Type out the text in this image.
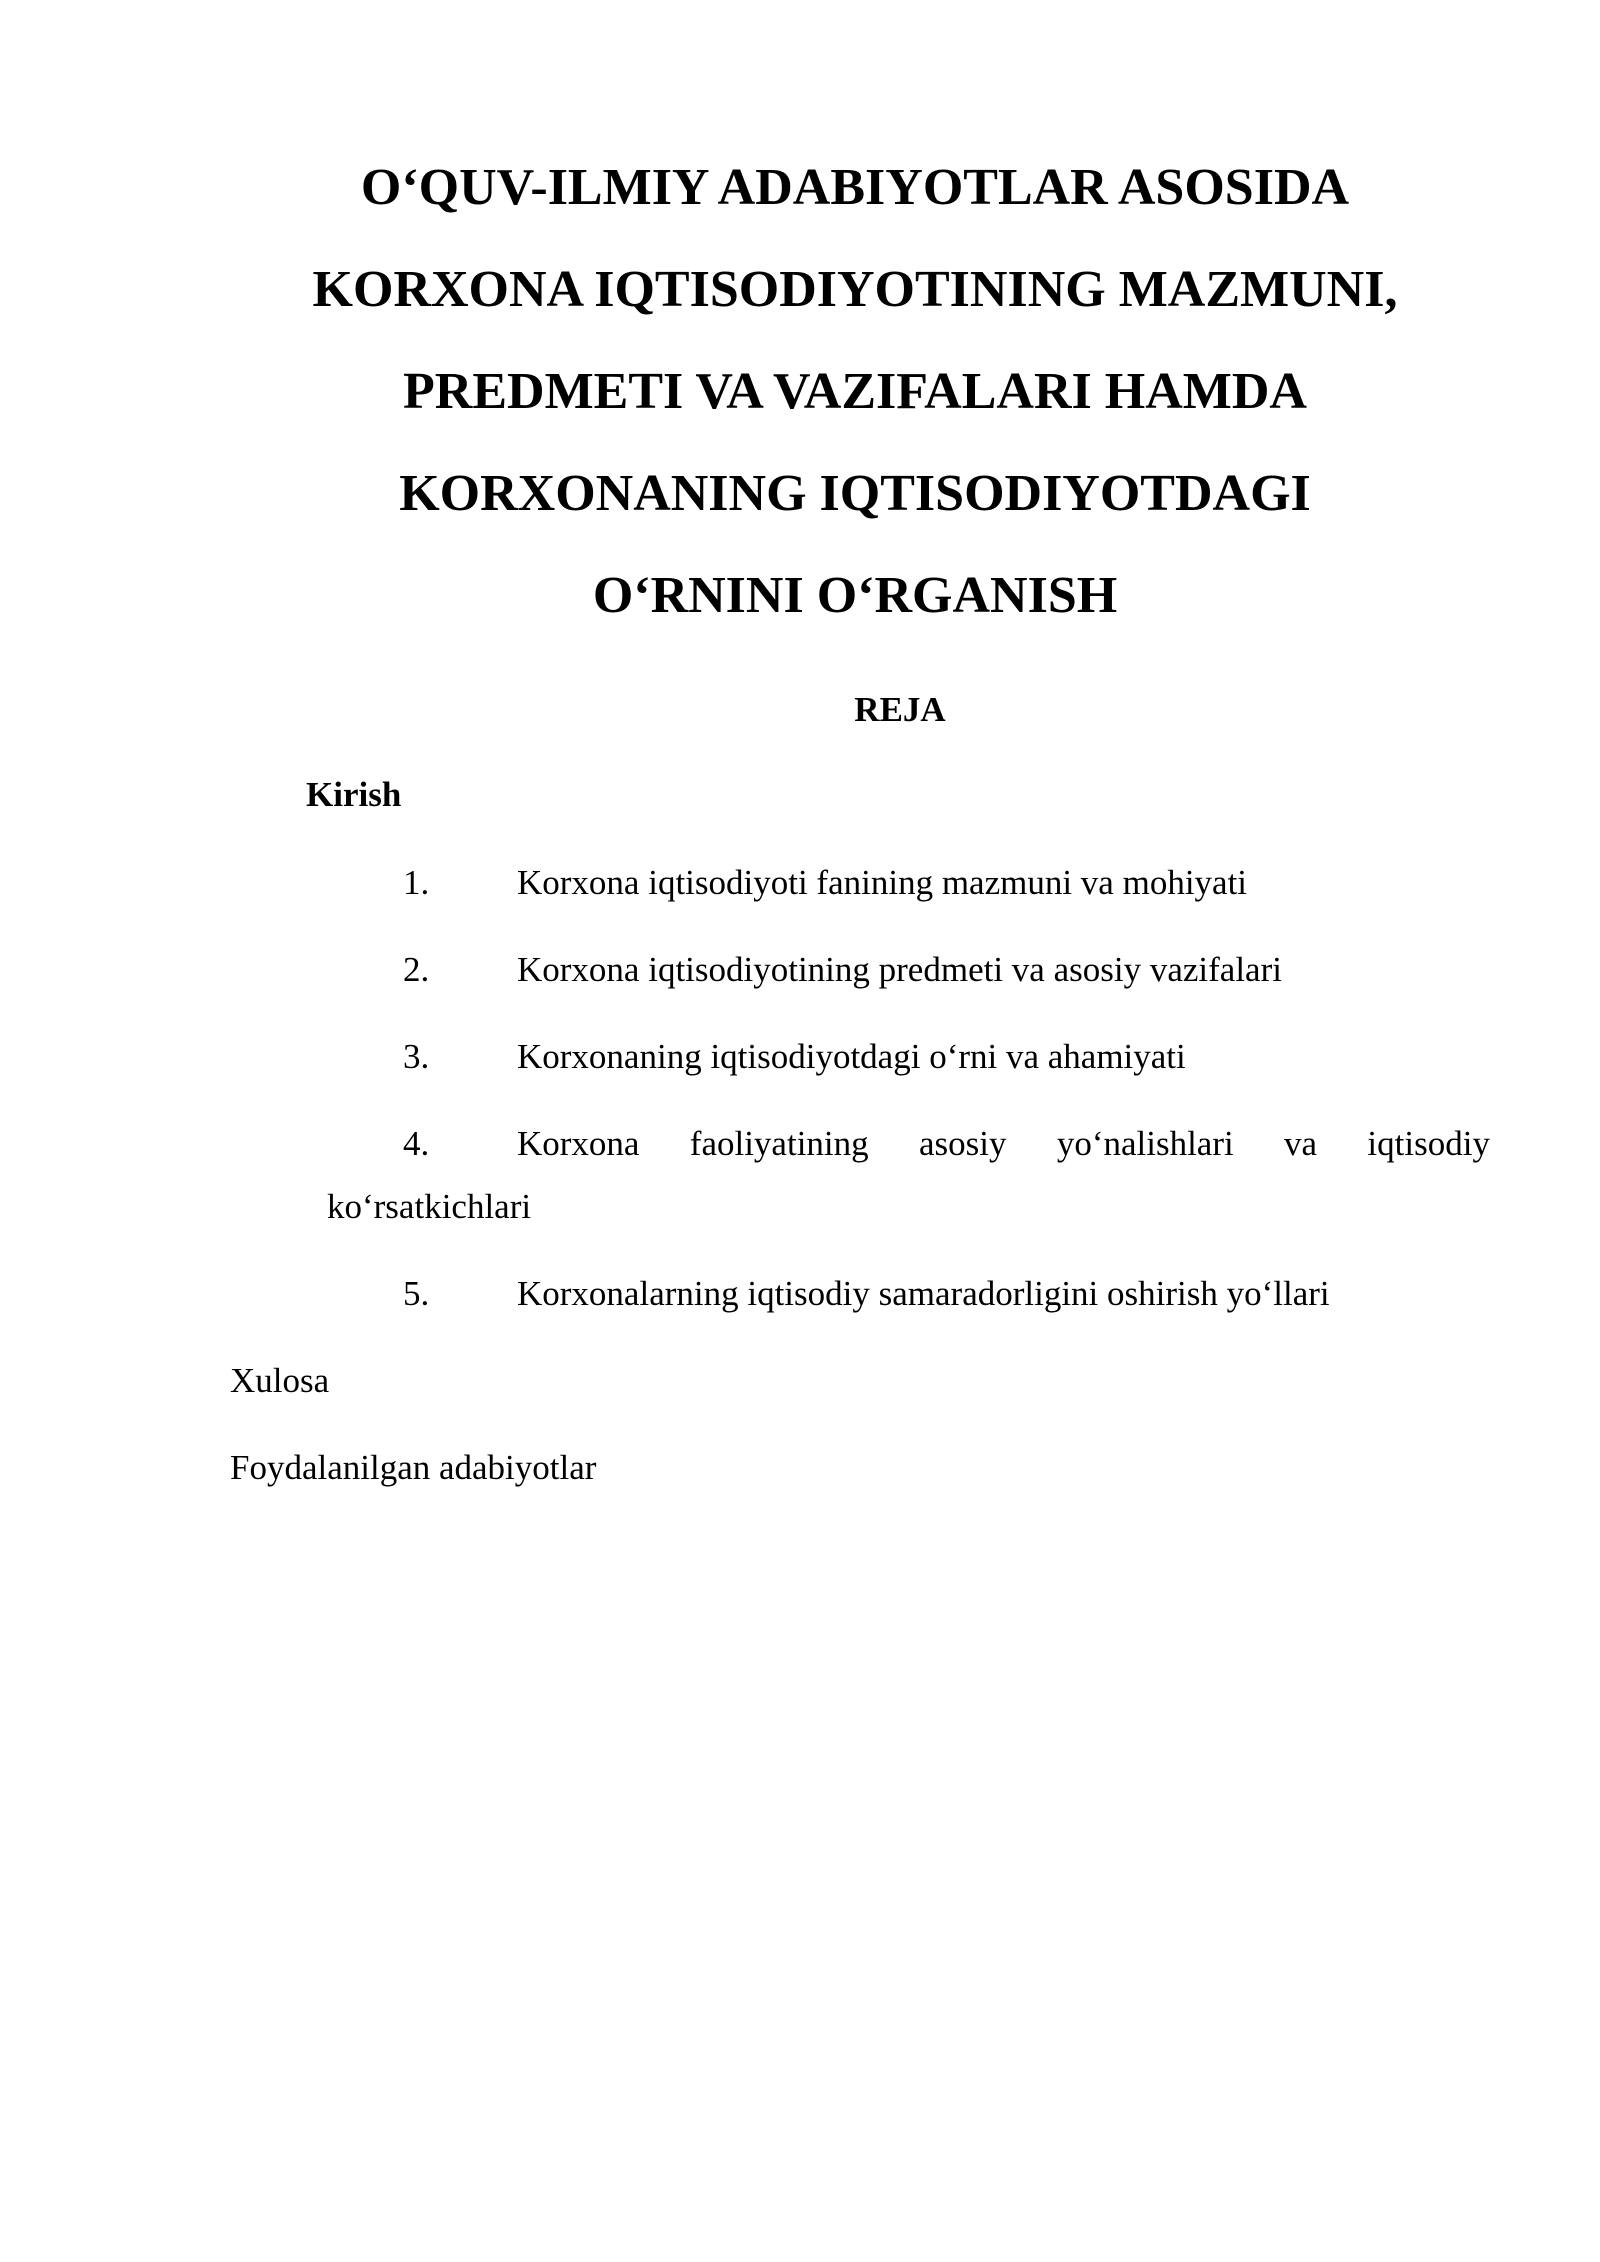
O‘QUV-ILMIY ADABIYOTLAR ASOSIDA
KORXONA IQTISODIYOTINING MAZMUNI,
PREDMETI VA VAZIFALARI HAMDA
KORXONANING IQTISODIYOTDAGI
O‘RNINI O‘RGANISH
REJA
Kirish
1.	Korxona iqtisodiyoti fanining mazmuni va mohiyati
2.	Korxona iqtisodiyotining predmeti va asosiy vazifalari
3.	Korxonaning iqtisodiyotdagi o‘rni va ahamiyati
4.	Korxona faoliyatining asosiy yo‘nalishlari va iqtisodiy
ko‘rsatkichlari
5.	Korxonalarning iqtisodiy samaradorligini oshirish yo‘llari
Xulosa
Foydalanilgan adabiyotlar
